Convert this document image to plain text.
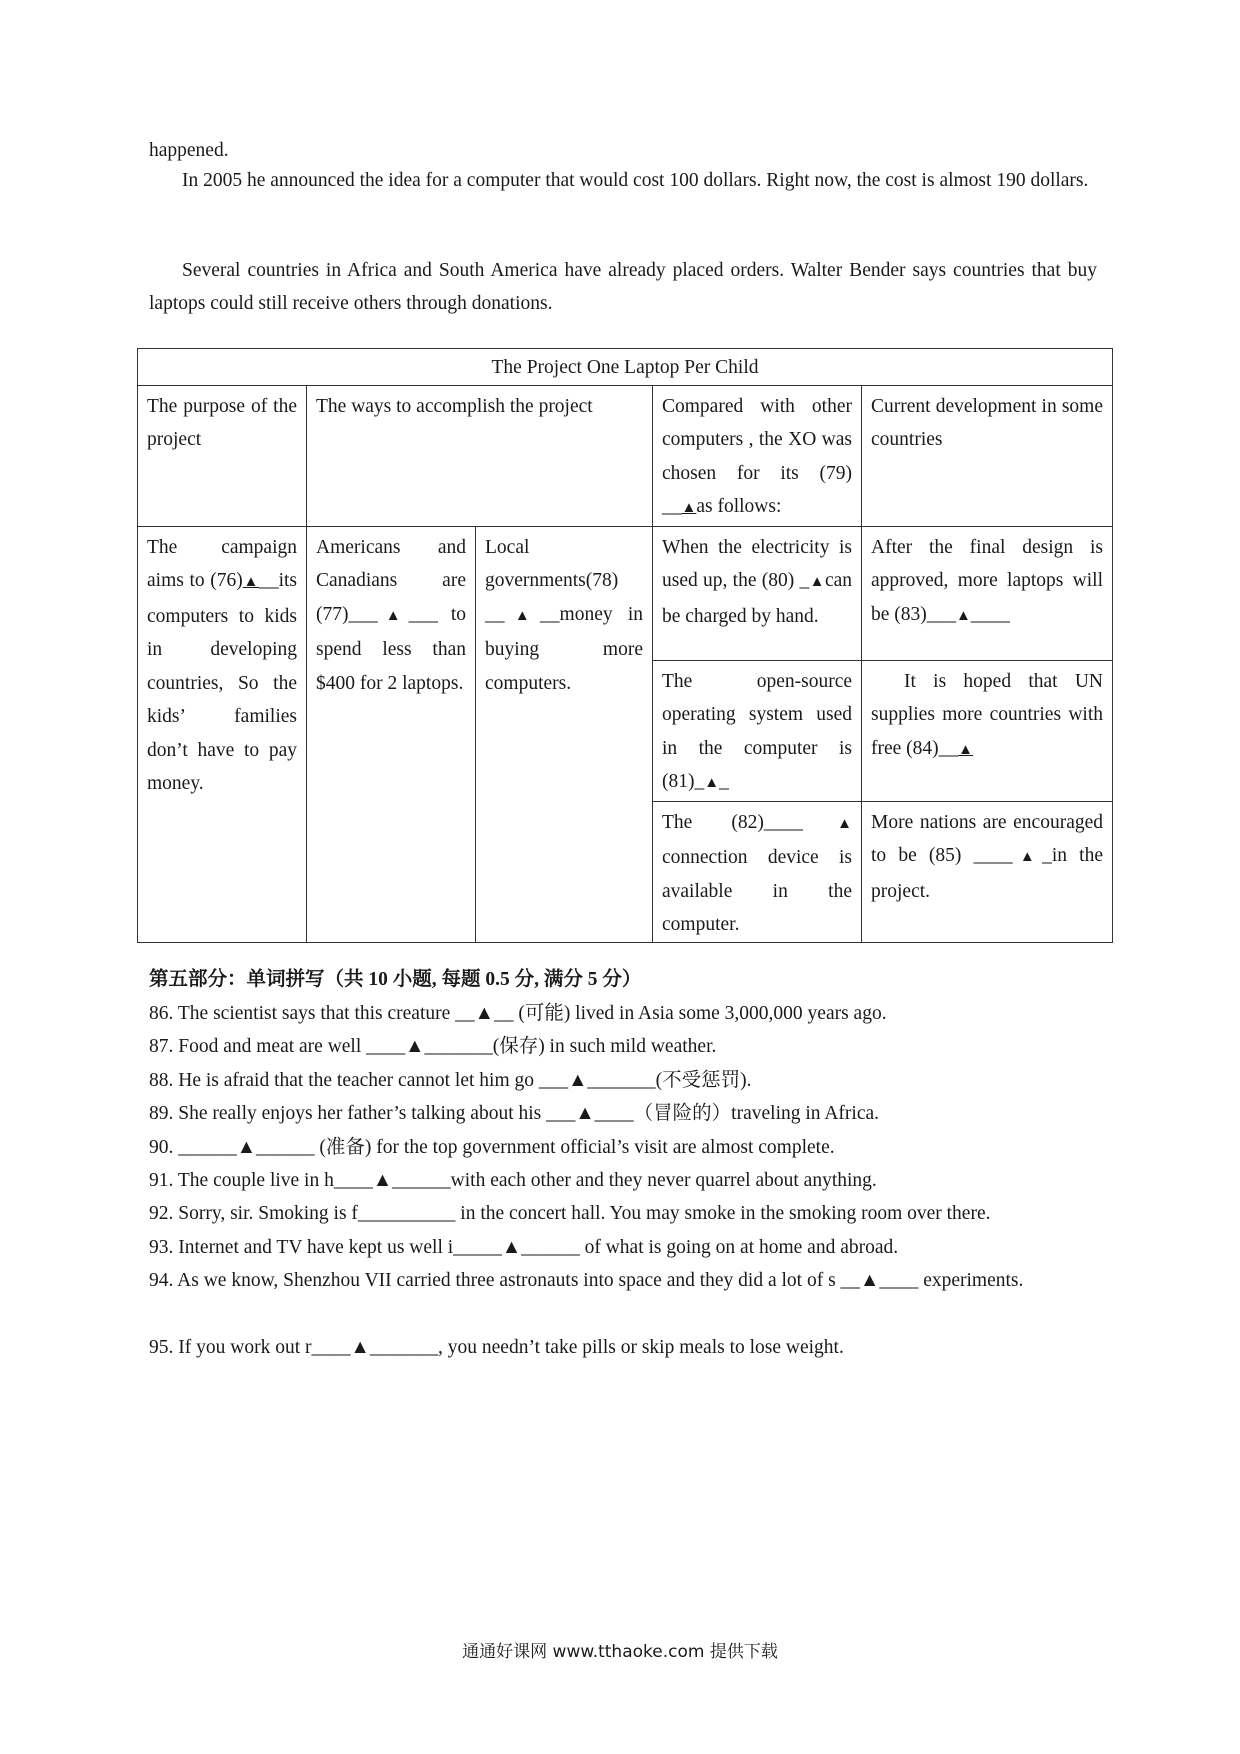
happened.
In 2005 he announced the idea for a computer that would cost 100 dollars. Right now, the cost is almost 190 dollars.
Several countries in Africa and South America have already placed orders. Walter Bender says countries that buy laptops could still receive others through donations.
The Project One Laptop Per Child				
The purpose of the project	The ways to accomplish the project		Compared with other computers , the XO was chosen for its (79) __▲as follows:	Current development in some countries
The campaign aims to (76)▲__its computers to kids in developing countries, So the kids’ families don’t have to pay money.	Americans and Canadians are (77)___▲___ to spend less than $400 for 2 laptops.	Local governments(78) __▲__money in buying more computers.	When the electricity is used up, the (80) _▲can be charged by hand.	After the final design is approved, more laptops will be (83)___▲____
			The open-source operating system used in the computer is (81)_▲_	It is hoped that UN supplies more countries with free (84)__▲
			The (82)____▲ connection device is available in the computer.	More nations are encouraged to be (85) ____▲_in the project.
第五部分：单词拼写（共 10 小题, 每题 0.5 分, 满分 5 分）
86. The scientist says that this creature __▲__ (可能) lived in Asia some 3,000,000 years ago.
87. Food and meat are well ____▲_______(保存) in such mild weather.
88. He is afraid that the teacher cannot let him go ___▲_______(不受惩罚).
89. She really enjoys her father’s talking about his ___▲____（冒险的）traveling in Africa.
90. ______▲______ (准备) for the top government official’s visit are almost complete.
91. The couple live in h____▲______with each other and they never quarrel about anything.
92. Sorry, sir. Smoking is f__________ in the concert hall. You may smoke in the smoking room over there.
93. Internet and TV have kept us well i_____▲______ of what is going on at home and abroad.
94. As we know, Shenzhou VII carried three astronauts into space and they did a lot of s __▲____ experiments.
95. If you work out r____▲_______, you needn’t take pills or skip meals to lose weight.
通通好课网 www.tthaoke.com 提供下载
